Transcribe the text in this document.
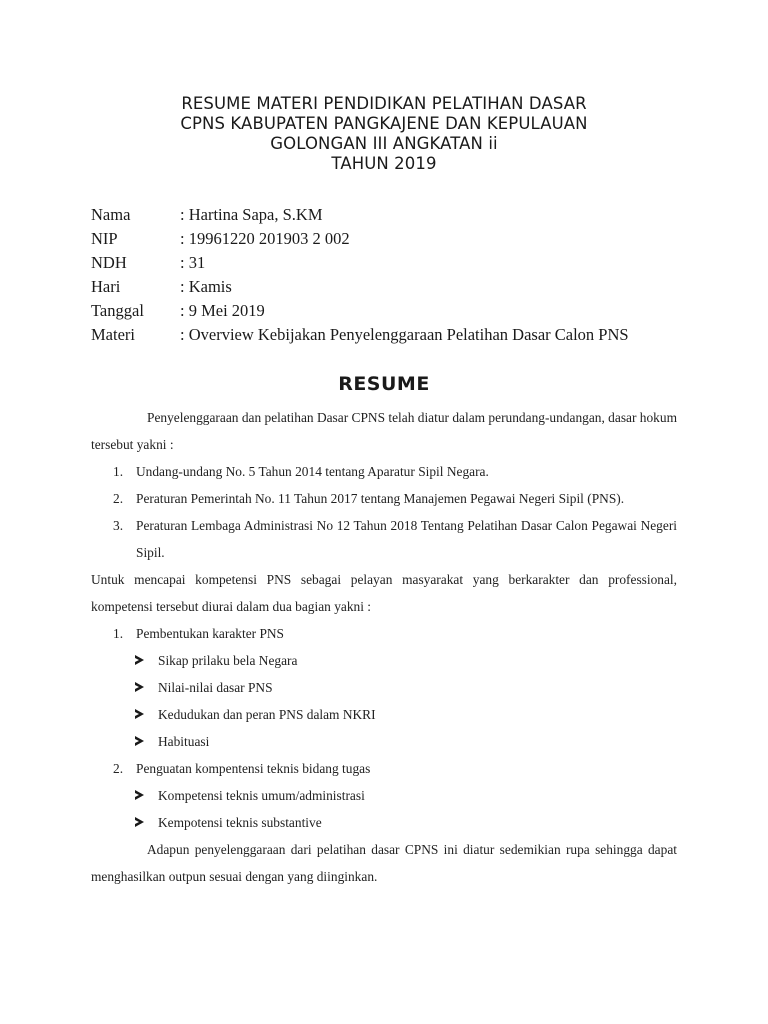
RESUME MATERI PENDIDIKAN PELATIHAN DASAR
CPNS KABUPATEN PANGKAJENE DAN KEPULAUAN
GOLONGAN III ANGKATAN ii
TAHUN 2019
Nama	: Hartina Sapa, S.KM
NIP	: 19961220 201903 2 002
NDH	: 31
Hari	: Kamis
Tanggal : 9 Mei 2019
Materi	: Overview Kebijakan Penyelenggaraan Pelatihan Dasar Calon PNS
RESUME
Penyelenggaraan dan pelatihan Dasar CPNS telah diatur dalam perundang-undangan, dasar hokum tersebut yakni :
1. Undang-undang No. 5 Tahun 2014 tentang Aparatur Sipil Negara.
2. Peraturan Pemerintah No. 11 Tahun 2017 tentang Manajemen Pegawai Negeri Sipil (PNS).
3. Peraturan Lembaga Administrasi No 12 Tahun 2018 Tentang Pelatihan Dasar Calon Pegawai Negeri Sipil.
Untuk mencapai kompetensi PNS sebagai pelayan masyarakat yang berkarakter dan professional, kompetensi tersebut diurai dalam dua bagian yakni :
1. Pembentukan karakter PNS
Sikap prilaku bela Negara
Nilai-nilai dasar PNS
Kedudukan dan peran PNS dalam NKRI
Habituasi
2. Penguatan kompentensi teknis bidang tugas
Kompetensi teknis umum/administrasi
Kempotensi teknis substantive
Adapun penyelenggaraan dari pelatihan dasar CPNS ini diatur sedemikian rupa sehingga dapat menghasilkan outpun sesuai dengan yang diinginkan.
